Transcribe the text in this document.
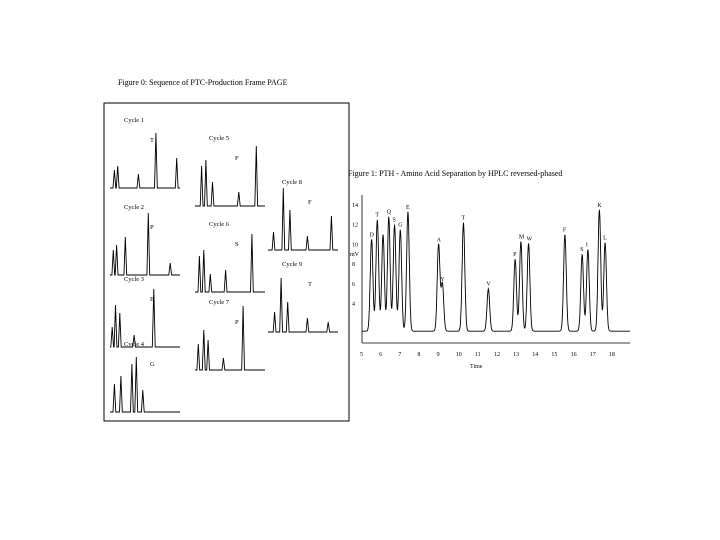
Figure 0: Sequence of PTC-Production Frame PAGE
Cycle 1
T
Cycle 2
P
Cycle 3
E
Cycle 4
G
Cycle 5
F
Cycle 6
S
Cycle 7
P
Cycle 8
F
Cycle 9
T
Figure 1: PTH - Amino Acid Separation by HPLC reversed-phased
mV
Time
4
6
8
10
12
14
5	6	7	8	9	10 11 12 13 14 15 16 17 18
D
T Q
S
G
E
A
Y
T
V
P
M W
F
S
I
K
L
